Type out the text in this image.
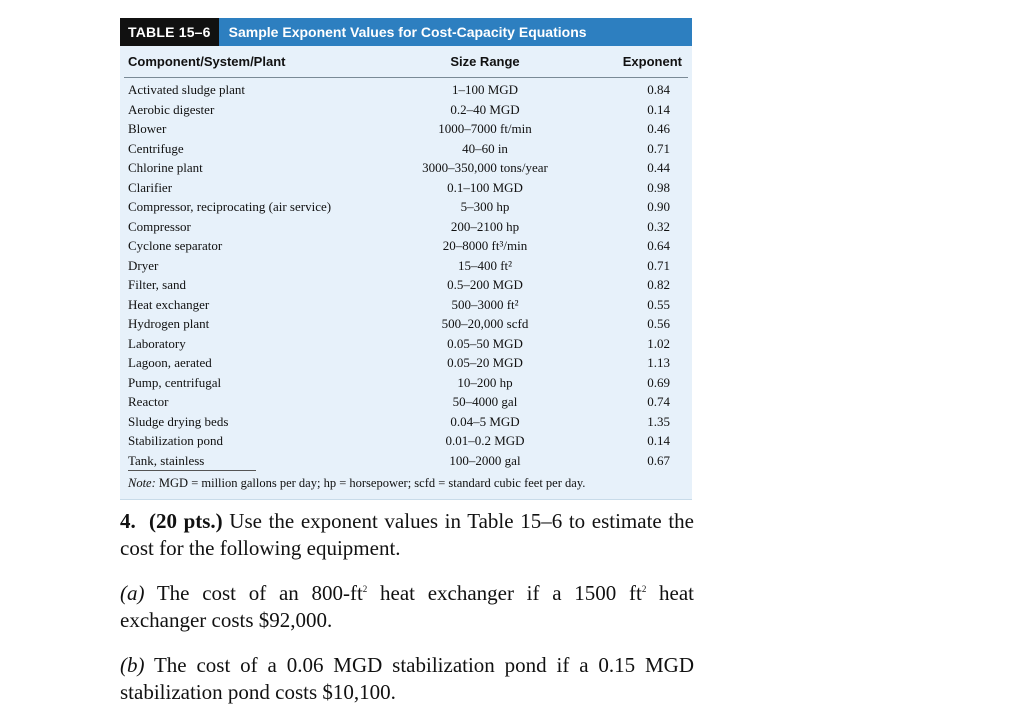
TABLE 15–6	Sample Exponent Values for Cost-Capacity Equations
Component/System/Plant	Size Range	Exponent
Activated sludge plant	1–100 MGD	0.84
Aerobic digester	0.2–40 MGD	0.14
Blower	1000–7000 ft/min	0.46
Centrifuge	40–60 in	0.71
Chlorine plant	3000–350,000 tons/year	0.44
Clarifier	0.1–100 MGD	0.98
Compressor, reciprocating (air service)	5–300 hp	0.90
Compressor	200–2100 hp	0.32
Cyclone separator	20–8000 ft³/min	0.64
Dryer	15–400 ft²	0.71
Filter, sand	0.5–200 MGD	0.82
Heat exchanger	500–3000 ft²	0.55
Hydrogen plant	500–20,000 scfd	0.56
Laboratory	0.05–50 MGD	1.02
Lagoon, aerated	0.05–20 MGD	1.13
Pump, centrifugal	10–200 hp	0.69
Reactor	50–4000 gal	0.74
Sludge drying beds	0.04–5 MGD	1.35
Stabilization pond	0.01–0.2 MGD	0.14
Tank, stainless	100–2000 gal	0.67
Note: MGD = million gallons per day; hp = horsepower; scfd = standard cubic feet per day.

4. (20 pts.) Use the exponent values in Table 15–6 to estimate the cost for the following equipment.

(a) The cost of an $800-ft^2$ heat exchanger if a 1500 $ft^2$ heat exchanger costs $92,000.

(b) The cost of a 0.06 MGD stabilization pond if a 0.15 MGD stabilization pond costs $10,100.
